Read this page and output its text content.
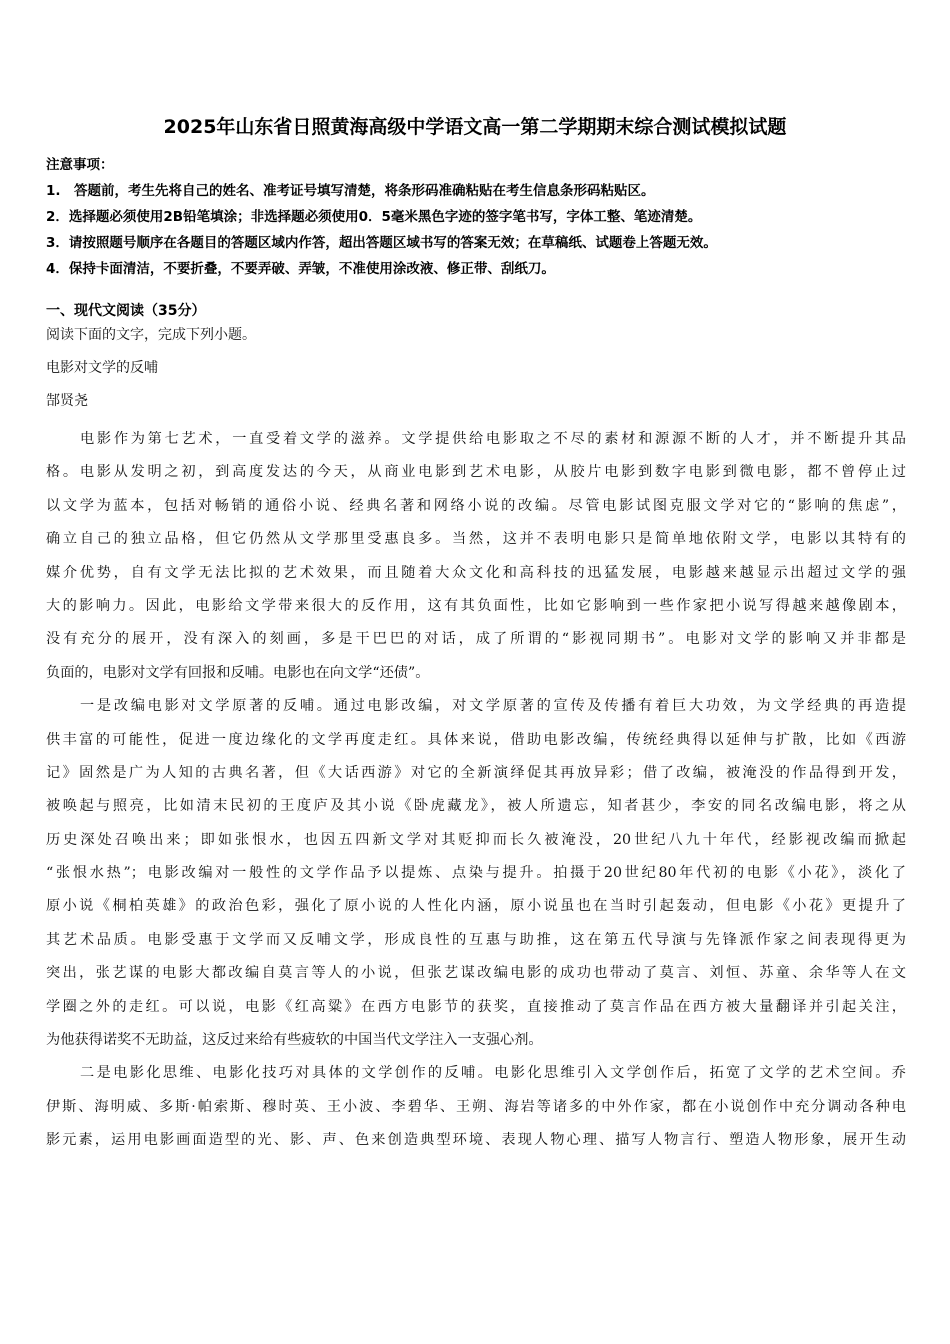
2025年山东省日照黄海高级中学语文高一第二学期期末综合测试模拟试题
注意事项：
1.　答题前，考生先将自己的姓名、准考证号填写清楚，将条形码准确粘贴在考生信息条形码粘贴区。
2．选择题必须使用2B铅笔填涂；非选择题必须使用0．5毫米黑色字迹的签字笔书写，字体工整、笔迹清楚。
3．请按照题号顺序在各题目的答题区域内作答，超出答题区域书写的答案无效；在草稿纸、试题卷上答题无效。
4．保持卡面清洁，不要折叠，不要弄破、弄皱，不准使用涂改液、修正带、刮纸刀。
一、现代文阅读（35分）
阅读下面的文字，完成下列小题。
电影对文学的反哺
郜贤尧
电影作为第七艺术，一直受着文学的滋养。文学提供给电影取之不尽的素材和源源不断的人才，并不断提升其品
格。电影从发明之初，到高度发达的今天，从商业电影到艺术电影，从胶片电影到数字电影到微电影，都不曾停止过
以文学为蓝本，包括对畅销的通俗小说、经典名著和网络小说的改编。尽管电影试图克服文学对它的“影响的焦虑”，
确立自己的独立品格，但它仍然从文学那里受惠良多。当然，这并不表明电影只是简单地依附文学，电影以其特有的
媒介优势，自有文学无法比拟的艺术效果，而且随着大众文化和高科技的迅猛发展，电影越来越显示出超过文学的强
大的影响力。因此，电影给文学带来很大的反作用，这有其负面性，比如它影响到一些作家把小说写得越来越像剧本，
没有充分的展开，没有深入的刻画，多是干巴巴的对话，成了所谓的“影视同期书”。电影对文学的影响又并非都是
负面的，电影对文学有回报和反哺。电影也在向文学“还债”。
一是改编电影对文学原著的反哺。通过电影改编，对文学原著的宣传及传播有着巨大功效，为文学经典的再造提
供丰富的可能性，促进一度边缘化的文学再度走红。具体来说，借助电影改编，传统经典得以延伸与扩散，比如《西游
记》固然是广为人知的古典名著，但《大话西游》对它的全新演绎促其再放异彩；借了改编，被淹没的作品得到开发，
被唤起与照亮，比如清末民初的王度庐及其小说《卧虎藏龙》，被人所遗忘，知者甚少，李安的同名改编电影，将之从
历史深处召唤出来；即如张恨水，也因五四新文学对其贬抑而长久被淹没，20世纪八九十年代，经影视改编而掀起
“张恨水热”；电影改编对一般性的文学作品予以提炼、点染与提升。拍摄于20世纪80年代初的电影《小花》，淡化了
原小说《桐柏英雄》的政治色彩，强化了原小说的人性化内涵，原小说虽也在当时引起轰动，但电影《小花》更提升了
其艺术品质。电影受惠于文学而又反哺文学，形成良性的互惠与助推，这在第五代导演与先锋派作家之间表现得更为
突出，张艺谋的电影大都改编自莫言等人的小说，但张艺谋改编电影的成功也带动了莫言、刘恒、苏童、余华等人在文
学圈之外的走红。可以说，电影《红高粱》在西方电影节的获奖，直接推动了莫言作品在西方被大量翻译并引起关注，
为他获得诺奖不无助益，这反过来给有些疲软的中国当代文学注入一支强心剂。
二是电影化思维、电影化技巧对具体的文学创作的反哺。电影化思维引入文学创作后，拓宽了文学的艺术空间。乔
伊斯、海明威、多斯·帕索斯、穆时英、王小波、李碧华、王朔、海岩等诸多的中外作家，都在小说创作中充分调动各种电
影元素，运用电影画面造型的光、影、声、色来创造典型环境、表现人物心理、描写人物言行、塑造人物形象，展开生动
